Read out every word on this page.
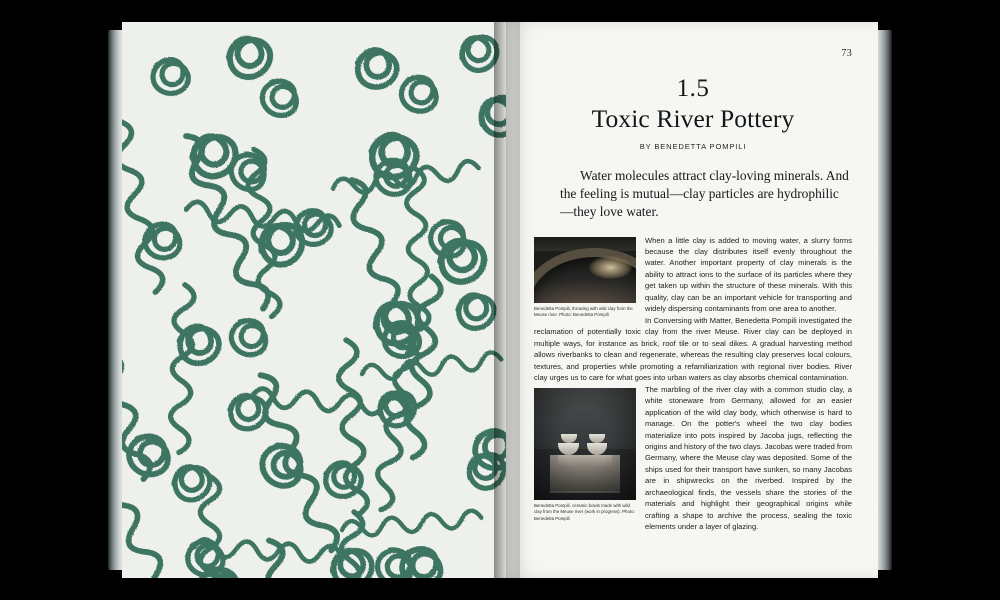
73
1.5
Toxic River Pottery
BY BENEDETTA POMPILI
Water molecules attract clay-loving minerals. And the feeling is mutual—clay particles are hydrophilic—they love water.
Benedetta Pompili, throwing with wild clay from the Meuse river. Photo: Benedetta Pompili
When a little clay is added to moving water, a slurry forms because the clay distributes itself evenly throughout the water. Another important property of clay minerals is the ability to attract ions to the surface of its particles where they get taken up within the structure of these minerals. With this quality, clay can be an important vehicle for transporting and widely dispersing contaminants from one area to another.
In Conversing with Matter, Benedetta Pompili investigated the reclamation of potentially toxic clay from the river Meuse. River clay can be deployed in multiple ways, for instance as brick, roof tile or to seal dikes. A gradual harvesting method allows riverbanks to clean and regenerate, whereas the resulting clay preserves local colours, textures, and properties while promoting a refamiliarization with regional river bodies. River clay urges us to care for what goes into urban waters as clay absorbs chemical contamination.
Benedetta Pompili, ceramic bowls made with wild clay from the Meuse river (work in progress). Photo: Benedetta Pompili
The marbling of the river clay with a common studio clay, a white stoneware from Germany, allowed for an easier application of the wild clay body, which otherwise is hard to manage. On the potter's wheel the two clay bodies materialize into pots inspired by Jacoba jugs, reflecting the origins and history of the two clays. Jacobas were traded from Germany, where the Meuse clay was deposited. Some of the ships used for their transport have sunken, so many Jacobas are in shipwrecks on the riverbed. Inspired by the archaeological finds, the vessels share the stories of the materials and highlight their geographical origins while crafting a shape to archive the process, sealing the toxic elements under a layer of glazing.
